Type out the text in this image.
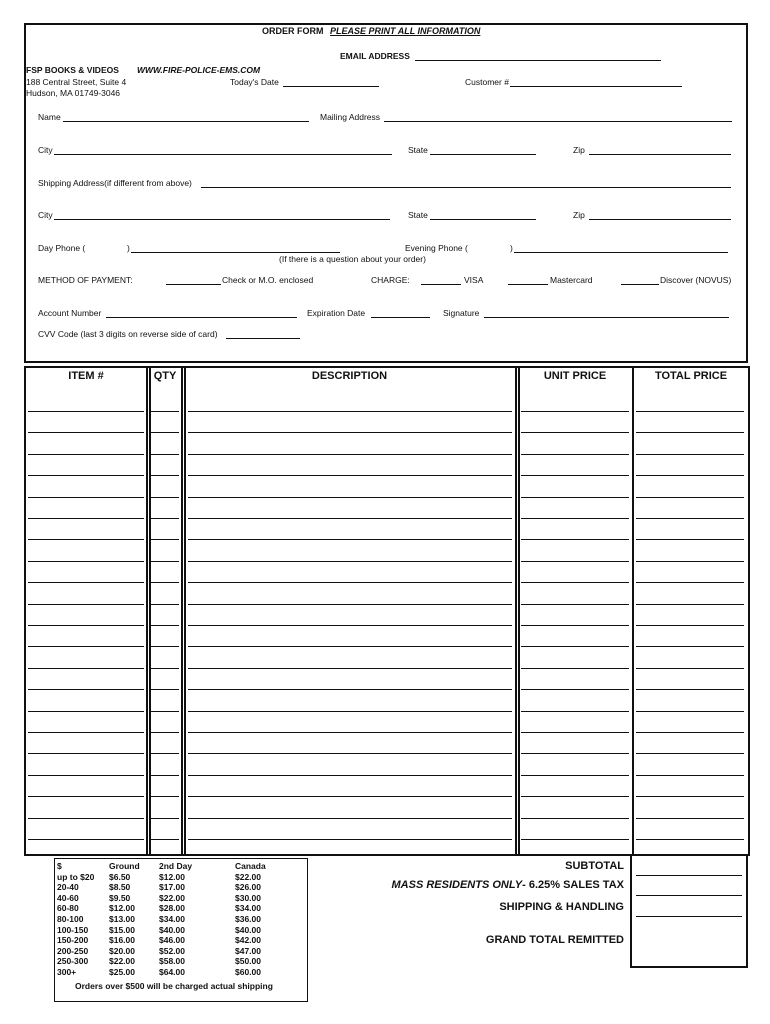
ORDER FORM PLEASE PRINT ALL INFORMATION
EMAIL ADDRESS
FSP BOOKS & VIDEOS WWW.FIRE-POLICE-EMS.COM
188 Central Street, Suite 4
Hudson, MA 01749-3046
Today's Date	Customer #
Name	Mailing Address
City	State	Zip
Shipping Address(if different from above)
City	State	Zip
Day Phone (	)	Evening Phone (	)
(If there is a question about your order)
METHOD OF PAYMENT:	Check or M.O. enclosed	CHARGE:	VISA	Mastercard	Discover (NOVUS)
Account Number	Expiration Date	Signature
CVV Code (last 3 digits on reverse side of card)
ITEM #	QTY	DESCRIPTION	UNIT PRICE	TOTAL PRICE
$	Ground	2nd Day	Canada
up to $20	$6.50	$12.00	$22.00
20-40	$8.50	$17.00	$26.00
40-60	$9.50	$22.00	$30.00
60-80	$12.00	$28.00	$34.00
80-100	$13.00	$34.00	$36.00
100-150	$15.00	$40.00	$40.00
150-200	$16.00	$46.00	$42.00
200-250	$20.00	$52.00	$47.00
250-300	$22.00	$58.00	$50.00
300+	$25.00	$64.00	$60.00
Orders over $500 will be charged actual shipping
SUBTOTAL
MASS RESIDENTS ONLY- 6.25% SALES TAX
SHIPPING & HANDLING
GRAND TOTAL REMITTED
